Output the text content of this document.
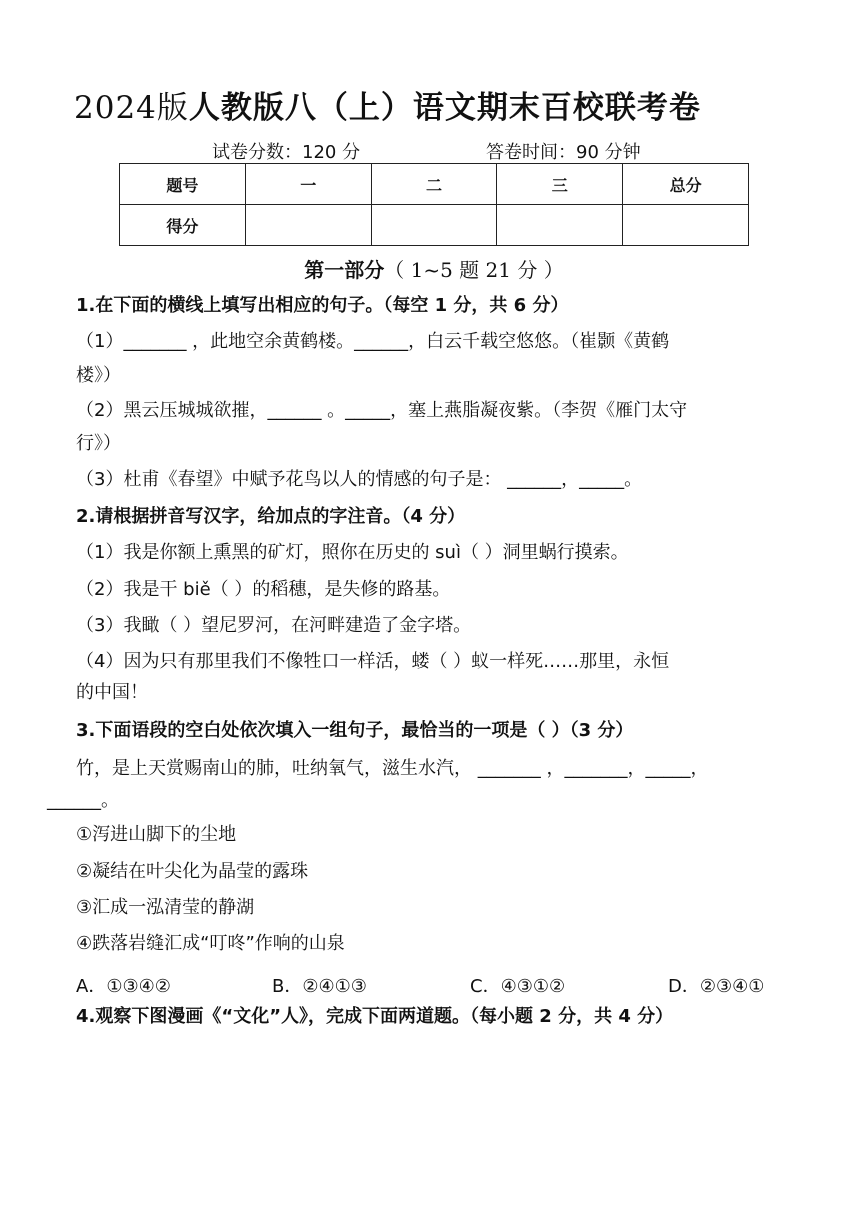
2024版人教版八（上）语文期末百校联考卷
试卷分数：120 分	答卷时间：90 分钟
题号	一	二	三	总分
得分				
第一部分（ 1~5 题 21 分 ）
1.在下面的横线上填写出相应的句子。（每空 1 分，共 6 分）
（1）_______ ，此地空余黄鹤楼。______，白云千载空悠悠。（崔颢《黄鹤
楼》）
（2）黑云压城城欲摧，______ 。_____，塞上燕脂凝夜紫。（李贺《雁门太守
行》）
（3）杜甫《春望》中赋予花鸟以人的情感的句子是： ______，_____。
2.请根据拼音写汉字，给加点的字注音。（4 分）
（1）我是你额上熏黑的矿灯，照你在历史的 suì（ ）洞里蜗行摸索。
（2）我是干 biě（ ）的稻穗，是失修的路基。
（3）我瞰（ ）望尼罗河，在河畔建造了金字塔。
（4）因为只有那里我们不像牲口一样活，蝼（ ）蚁一样死……那里，永恒
的中国！
3.下面语段的空白处依次填入一组句子，最恰当的一项是（ ）（3 分）
竹，是上天赏赐南山的肺，吐纳氧气，滋生水汽， _______ ，_______，_____，
______。
①泻进山脚下的尘地
②凝结在叶尖化为晶莹的露珠
③汇成一泓清莹的静湖
④跌落岩缝汇成“叮咚”作响的山泉
A．①③④②	B．②④①③	C．④③①②	D．②③④①
4.观察下图漫画《“文化”人》，完成下面两道题。（每小题 2 分，共 4 分）
